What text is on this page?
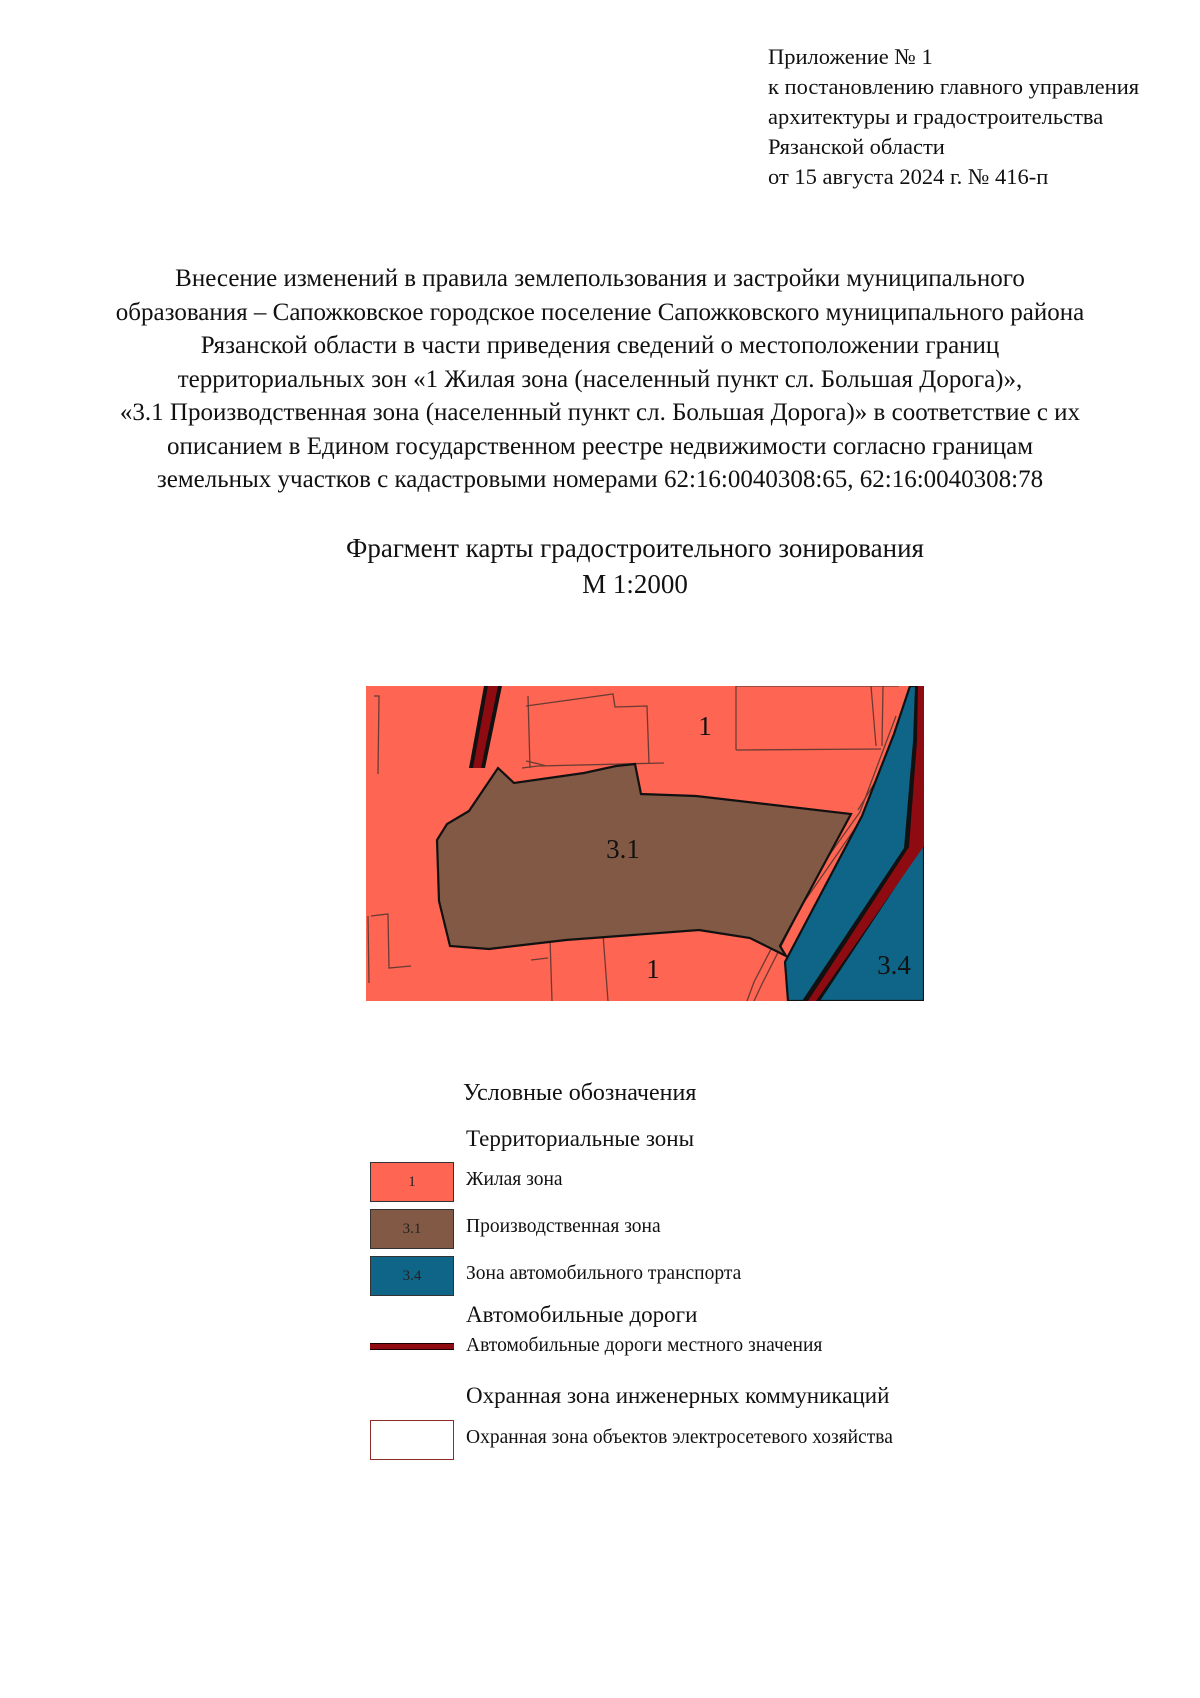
Приложение № 1
к постановлению главного управления
архитектуры и градостроительства
Рязанской области
от 15 августа 2024 г. № 416-п
Внесение изменений в правила землепользования и застройки муниципального
образования – Сапожковское городское поселение Сапожковского муниципального района
Рязанской области в части приведения сведений о местоположении границ
территориальных зон «1 Жилая зона (населенный пункт сл. Большая Дорога)»,
«3.1 Производственная зона (населенный пункт сл. Большая Дорога)» в соответствие с их
описанием в Едином государственном реестре недвижимости согласно границам
земельных участков с кадастровыми номерами 62:16:0040308:65, 62:16:0040308:78
Фрагмент карты градостроительного зонирования
М 1:2000
1
3.1
1	3.4
Условные обозначения
Территориальные зоны
1	Жилая зона
3.1 Производственная зона
3.4 Зона автомобильного транспорта
Автомобильные дороги
Автомобильные дороги местного значения
Охранная зона инженерных коммуникаций
Охранная зона объектов электросетевого хозяйства
